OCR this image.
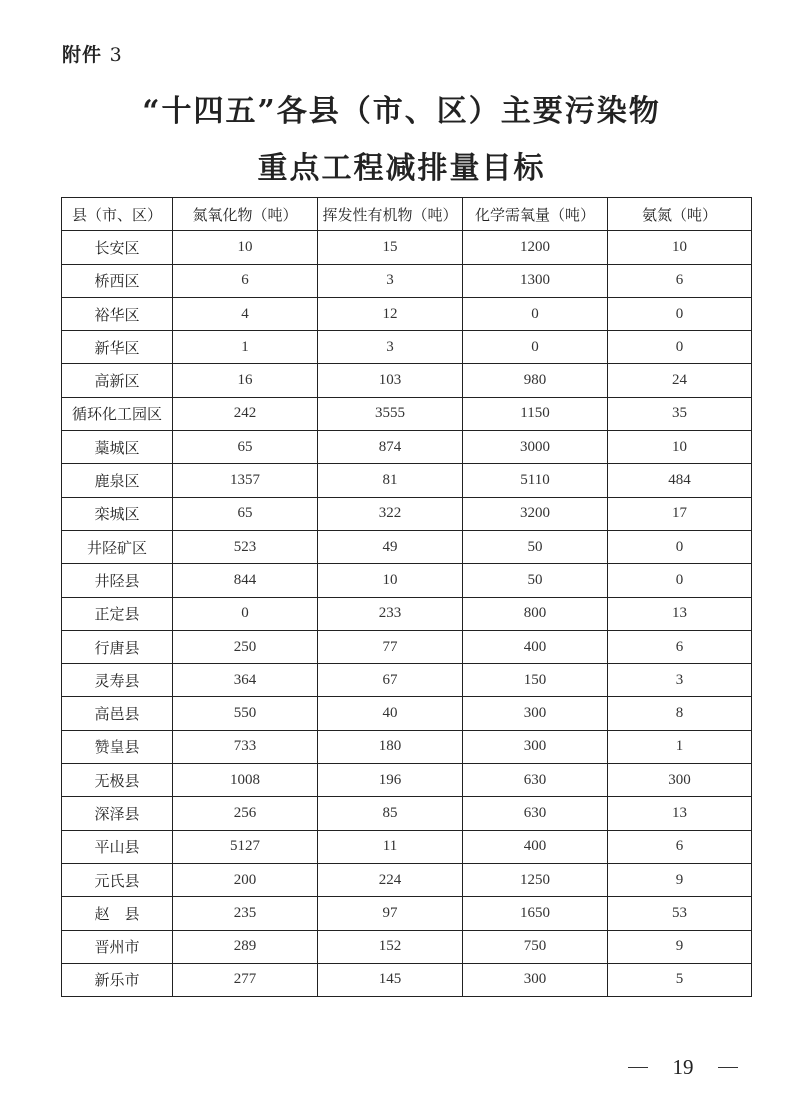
附件 3
“十四五”各县（市、区）主要污染物
重点工程减排量目标
县（市、区）	氮氧化物（吨）	挥发性有机物（吨）	化学需氧量（吨）	氨氮（吨）
长安区	10	15	1200	10
桥西区	6	3	1300	6
裕华区	4	12	0	0
新华区	1	3	0	0
高新区	16	103	980	24
循环化工园区	242	3555	1150	35
藁城区	65	874	3000	10
鹿泉区	1357	81	5110	484
栾城区	65	322	3200	17
井陉矿区	523	49	50	0
井陉县	844	10	50	0
正定县	0	233	800	13
行唐县	250	77	400	6
灵寿县	364	67	150	3
高邑县	550	40	300	8
赞皇县	733	180	300	1
无极县	1008	196	630	300
深泽县	256	85	630	13
平山县	5127	11	400	6
元氏县	200	224	1250	9
赵　县	235	97	1650	53
晋州市	289	152	750	9
新乐市	277	145	300	5
19
